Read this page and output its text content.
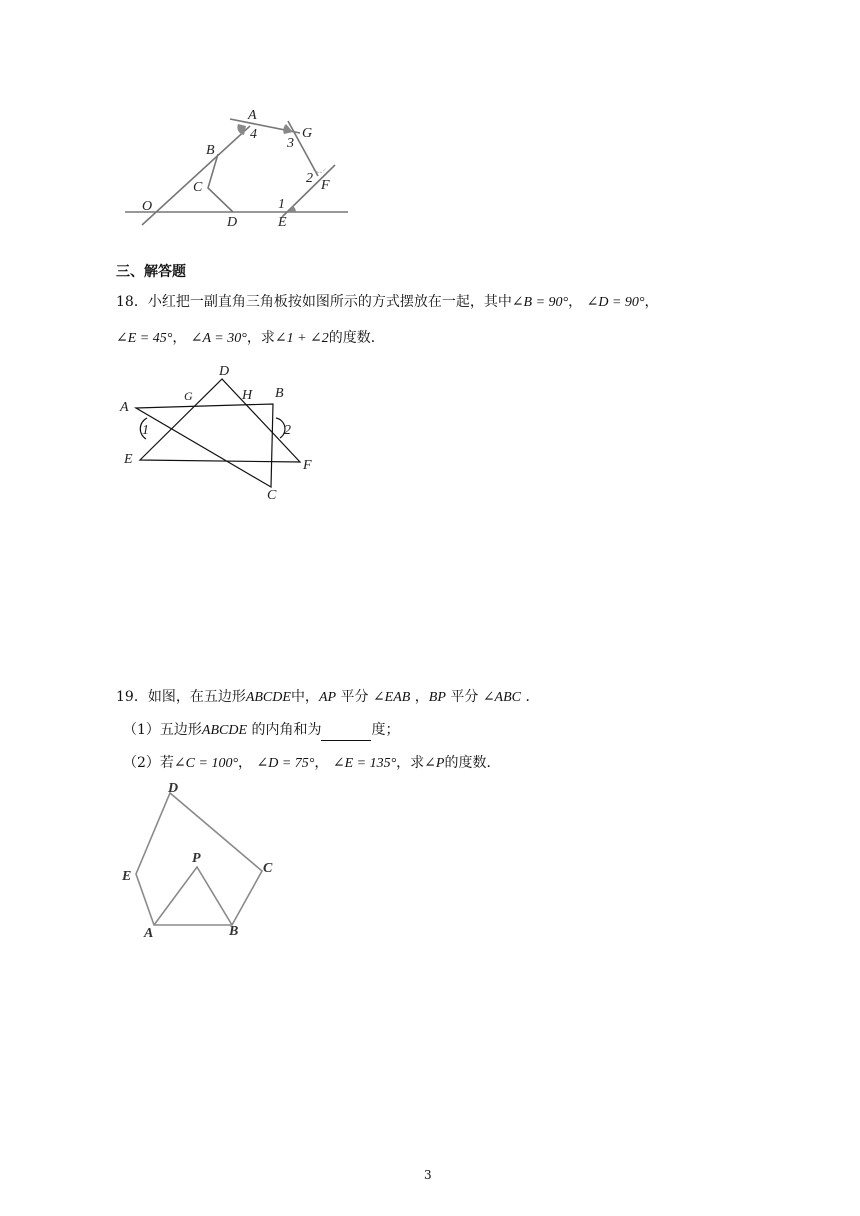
A
B
C
D	E
F
G
O
4
3
2
1
三、解答题
18．小红把一副直角三角板按如图所示的方式摆放在一起，其中∠B = 90°， ∠D = 90°，
∠E = 45°， ∠A = 30°，求∠1 + ∠2的度数．
A
B
C
D
E	F
G	H
1	2
19．如图，在五边形ABCDE中，AP 平分 ∠EAB ，BP 平分 ∠ABC ．
（1）五边形ABCDE 的内角和为	度；
（2）若∠C = 100°， ∠D = 75°， ∠E = 135°，求∠P的度数．
A	B
C
D
E
P
3
